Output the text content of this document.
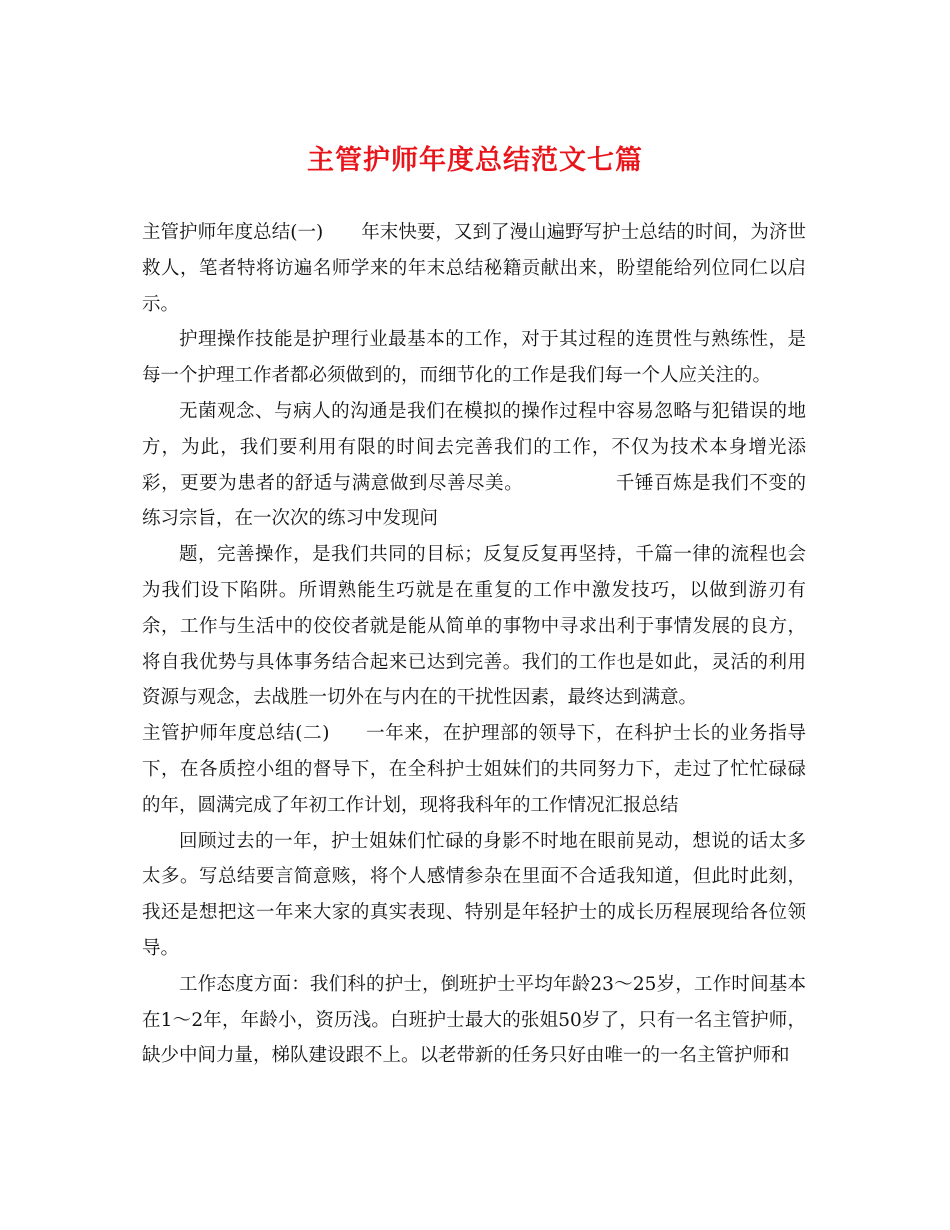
主管护师年度总结范文七篇

主管护师年度总结(一) 年末快要，又到了漫山遍野写护士总结的时间，为济世救人，笔者特将访遍名师学来的年末总结秘籍贡献出来，盼望能给列位同仁以启示。

护理操作技能是护理行业最基本的工作，对于其过程的连贯性与熟练性，是每一个护理工作者都必须做到的，而细节化的工作是我们每一个人应关注的。

无菌观念、与病人的沟通是我们在模拟的操作过程中容易忽略与犯错误的地方，为此，我们要利用有限的时间去完善我们的工作，不仅为技术本身增光添彩，更要为患者的舒适与满意做到尽善尽美。	千锤百炼是我们不变的练习宗旨，在一次次的练习中发现问

题，完善操作，是我们共同的目标；反复反复再坚持，千篇一律的流程也会为我们设下陷阱。所谓熟能生巧就是在重复的工作中激发技巧，以做到游刃有余，工作与生活中的佼佼者就是能从简单的事物中寻求出利于事情发展的良方，将自我优势与具体事务结合起来已达到完善。我们的工作也是如此，灵活的利用资源与观念，去战胜一切外在与内在的干扰性因素，最终达到满意。

主管护师年度总结(二) 一年来，在护理部的领导下，在科护士长的业务指导下，在各质控小组的督导下，在全科护士姐妹们的共同努力下，走过了忙忙碌碌的年，圆满完成了年初工作计划，现将我科年的工作情况汇报总结

回顾过去的一年，护士姐妹们忙碌的身影不时地在眼前晃动，想说的话太多太多。写总结要言简意赅，将个人感情参杂在里面不合适我知道，但此时此刻，我还是想把这一年来大家的真实表现、特别是年轻护士的成长历程展现给各位领导。

工作态度方面：我们科的护士，倒班护士平均年龄23～25岁，工作时间基本在1～2年，年龄小，资历浅。白班护士最大的张姐50岁了，只有一名主管护师，缺少中间力量，梯队建设跟不上。以老带新的任务只好由唯一的一名主管护师和
